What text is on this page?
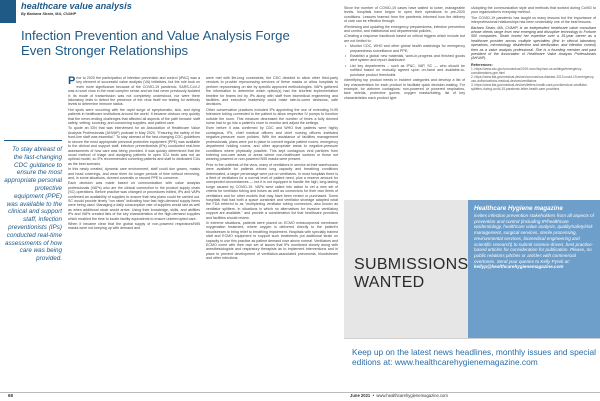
healthcare value analysis
By Barbara Strain, MA, CVAHP
Infection Prevention and Value Analysis Forge Even Stronger Relationships
To stay abreast of the fast-changing CDC guidance to ensure the most appropriate personal protective equipment (PPE) was available to the clinical and support staff, infection preventionists (IPs) conducted real-time assessments of how care was being provided.
P rior to 2020 the participation of infection prevention and control (IPAC) was a key element of successful value analysis (VA) initiatives, but the role took on even more significance because of the COVID-19 pandemic. SARS-CoV-2 was a novel virus in the most complex sense and we had never previously isolated it; its mode of transmission was not completely understood, nor were there laboratory tests to detect the presence of the virus itself nor testing for antibody levels to determine immune status.
Hot spots were occurring with the rapid surge of symptomatic, sick, and dying patients in healthcare institutions around the world. It became obvious very quickly that the never-ending challenges that affected all aspects of the path forward: staff safety, vetting, sourcing, and conserving supplies, and patient care.
To quote an IDN that was interviewed for an Association of Healthcare Value Analysis Professionals (AHVAP) podcast in May 2020, "Ensuring the safety of the front-line staff was essential." To stay abreast of the fast-changing CDC guidelines to secure the most appropriate personal protective equipment (PPE) was available to the clinical and support staff, infection preventionists (IPs) conducted real-time assessments of how care was being provided. It was quickly determined that the usual method of triage and assigning patients to open ICU beds was not an optimal model, so IPs recommended cohorting patients and staff to dedicated CUs as the best scenario.
In this newly created, dynamic care environment, staff could don gowns, masks and head coverings, and wear them for longer periods of time without removing, and, in some situations, donned coveralls or reused PPE to conserve.
Each decision was made based on communication with value analysis professionals (VAPs) who are the clinical connection to the product supply chain (SC) operations. Before practice was changed or procedures edited, IPs and VAPs confirmed an availability of supplies to ensure that new plans could be carried out. SC would provide timely "run rates" indicating how fast high-demand supply items were being used. Managing a daily consumption rate of supplies would last as well as when additional stock would arrive. Using their knowledge, skills, and abilities IPs and VAPs created lists of the key characteristics of the high-demand supplies which enabled the time to locate facility equivalents to ensure uninterrupted care.
When it became clear that the global supply of non-powered respirators/N95 masks were not keeping up with demand and
were met with life-long constraints, the CDC decided to allow other third-party vendors to provide reprocessing services of these masks or allow hospitals to perform reprocessing on site by specific approved methodologies. VAPs gathered the information to determine which option(s) had the shortest implementation timeline for teams led by IPs along with staff from biomedical engineering and facilities, and executive leadership could make rate-to-come decisions, safe decisions.
Other conservation practices included IPs appointing the use of extending N-95 tolerance tubing connected to the patient to allow respective IV pumps to function outside the room. This measure decreased the number of times a fully donned nurse had to go into a patient's room to monitor and adjust the settings.
Even before it was confirmed by CDC and WHO that patients were highly contagious, IPs, chief medical officers and chief nursing officers instituted negative-pressure room policies. With the assistance of facilities management professionals, plans were put in place to convert regular patient rooms, emergency department holding rooms, and other appropriate areas to negative-pressure conditions where physically possible. This kept contagious viral particles from entering non-care areas or areas where non-healthcare workers or those not wearing powered or non-powered N95 masks were present.
Prior to the outbreak of the virus, many of ventilators in service at their warehouses were available for patients whose lung capacity and breathing conditions deteriorated, a larger percentage were put on ventilators. In most hospitals there is a fleet of ventilators for a normal level of patient need, plus a reserve amount for unexpected circumstances — but it is not equipped to handle the high, long-lasting surge caused by COVID-19. VAPs were called into action to vet a new set of criteria for ventilator tubing and hoses as well as connectors for their own fleets of ventilators and for other models that may have been rented or purchased. Some hospitals that had both a space constraint and ventilator shortage adapted what the FDA referred to as "multiplexing ventilator tubing connectors, also known as ventilator splitters, in situations in which no alternatives for invasive ventilatory support are available," and provide a consideration list that healthcare providers and facilities should review.
In extreme situations, patients were placed on ECMO extracorporeal membrane oxygenation treatment, where oxygen is delivered directly to the patient's bloodstream to bring relief to breathing impairment. Hospitals with specially trained staff and ECMO equipment to support such treatments put additional strain on capacity to use this practice as patient demand rose above normal. Ventilators and ECMO come with their own set of issues that IPs monitored closely along with anesthesiologists and respiratory therapists as to implement interventions and in place to prevent development of ventilation-associated pneumonia, bloodstream and other infections.
Since the number of COVID-19 cases have waited to lower, manageable levels, hospitals have begun to open their operations to pre-2020 conditions. Lessons learned from the pandemic informed how the delivery of care can be effective through:
•Reviewing and updating the emergency preparedness, infection prevention and control, and institutional and departmental policies,
•Creating a response handbook based on critical triggers which include but are not limited to:
• Monitor CDC, WHO and other global health watchdogs for emergency preparedness surveillance and PPE;
• Establish a global new materials, work-in-progress and finished goods alert system and report dashboard
• List key departments – such as IP&C, VAP, SC — who should be notified based on mutually agreed upon on-hand and available-to-purchase product thresholds
•Identifying top product needs in incident categories and develop a list of key characteristics for each product to facilitate quick decision-making. For example, for airborne contagions: non-powered or powered respirators, face shields, protective gowns, oxygen masks/tubing, list of key characteristics each product type
•Adopting the communication style and methods that worked during CoVID to your organization's everyday method.
The COVID-19 pandemic has taught us many lessons but the importance of interprofessional relationships has been undeniably one of the best lessons.
Barbara Strain, MA, CVAHP, is an independent healthcare value consultant whose clients range from new emerging and disruptive technology to Fortune 500 companies. Strain honed her expertise over a 35-year career as a healthcare provider across multiple specialties (first in clinical laboratory operations, microbiology, disinfection and sterilization, and infection control) then as a value analysis professional. She is a founding member and past president of the Association of Healthcare Value Analysis Professionals (AHVAP).
References:
1. https://www.cdc.gov/coronavirus/2019-ncov/hcp/non-us-settings/emergency-considerations-ppe.html
2. https://www.fda.gov/medical-devices/coronavirus-disease-2019-covid-19-emergency-use-authorizations-medical-devices/ventilators
3. https://www.fda.gov/medical-devices/letters-health-care-providers/use-ventilator-splitters-during-covid-19-pandemic-letter-health-care-providers
SUBMISSIONS WANTED
Healthcare Hygiene magazine
invites infection prevention stakeholders from all aspects of prevention and control (including IP/healthcare epidemiology, healthcare value analysis, quality/safety/risk management, surgical services, sterile processing, environmental services, biomedical engineering and scientific research) to submit science-driven, best practice-based articles for consideration for publication. Please, no public relations pitches or articles with commercial overtones. Send your queries to Kelly Pyrek at:
kellyp@healthcarehygienemagazine.com
Keep up on the latest news headlines, monthly issues and special editions at: www.healthcarehygienemagazine.com
68	June 2021  •  www.healthcarehygienemagazine.com
